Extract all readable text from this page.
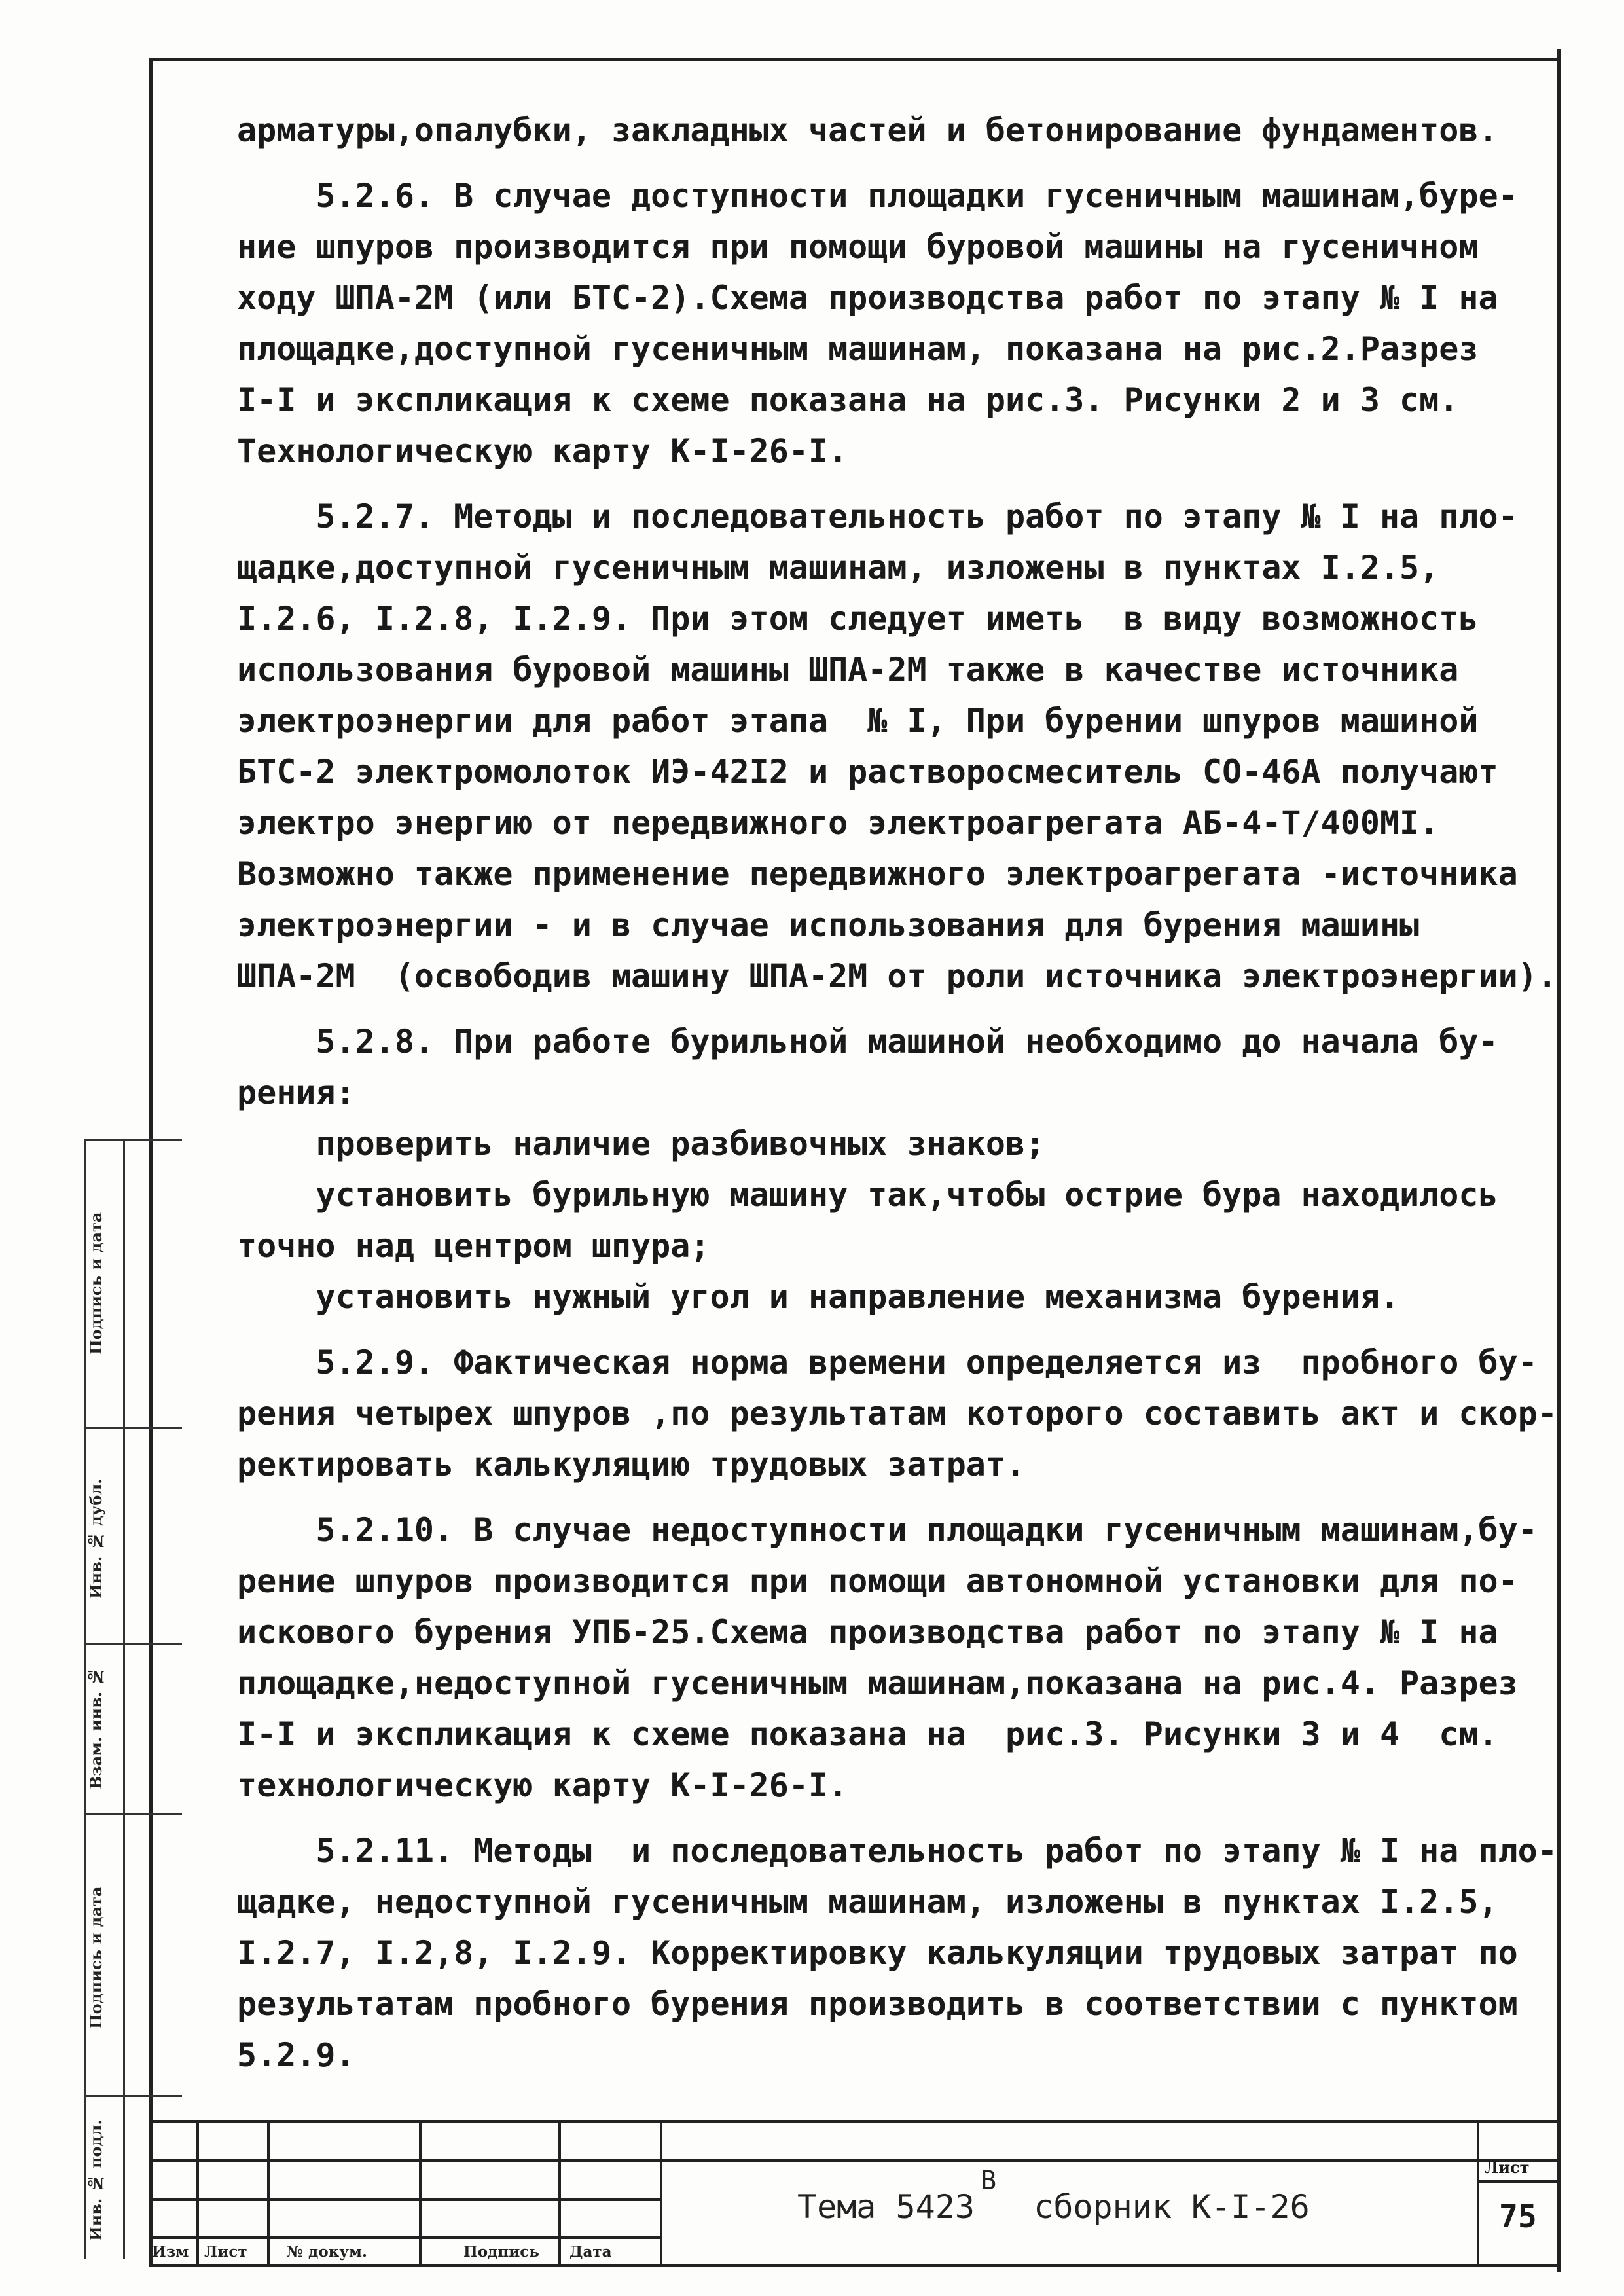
арматуры,опалубки, закладных частей и бетонирование фундаментов.
5.2.6. В случае доступности площадки гусеничным машинам,буре-
ние шпуров производится при помощи буровой машины на гусеничном
ходу ШПА-2М (или БТС-2).Схема производства работ по этапу № I на
площадке,доступной гусеничным машинам, показана на рис.2.Разрез
I-I и экспликация к схеме показана на рис.3. Рисунки 2 и 3 см.
Технологическую карту К-I-26-I.
5.2.7. Методы и последовательность работ по этапу № I на пло-
щадке,доступной гусеничным машинам, изложены в пунктах I.2.5,
I.2.6, I.2.8, I.2.9. При этом следует иметь  в виду возможность
использования буровой машины ШПА-2М также в качестве источника
электроэнергии для работ этапа  № I, При бурении шпуров машиной
БТС-2 электромолоток ИЭ-42I2 и растворосмеситель СО-46А получают
электро энергию от передвижного электроагрегата АБ-4-Т/400МI.
Возможно также применение передвижного электроагрегата -источника
электроэнергии - и в случае использования для бурения машины
ШПА-2М  (освободив машину ШПА-2М от роли источника электроэнергии).
5.2.8. При работе бурильной машиной необходимо до начала бу-
рения:
проверить наличие разбивочных знаков;
установить бурильную машину так,чтобы острие бура находилось
точно над центром шпура;
установить нужный угол и направление механизма бурения.
5.2.9. Фактическая норма времени определяется из  пробного бу-
рения четырех шпуров ,по результатам которого составить акт и скор-
ректировать калькуляцию трудовых затрат.
5.2.10. В случае недоступности площадки гусеничным машинам,бу-
рение шпуров производится при помощи автономной установки для по-
искового бурения УПБ-25.Схема производства работ по этапу № I на
площадке,недоступной гусеничным машинам,показана на рис.4. Разрез
I-I и экспликация к схеме показана на  рис.3. Рисунки 3 и 4  см.
технологическую карту К-I-26-I.
5.2.11. Методы  и последовательность работ по этапу № I на пло-
щадке, недоступной гусеничным машинам, изложены в пунктах I.2.5,
I.2.7, I.2,8, I.2.9. Корректировку калькуляции трудовых затрат по
результатам пробного бурения производить в соответствии с пунктом
5.2.9.
Подпись и дата
Инв. № дубл.
Взам. инв. №
Подпись и дата
Инв. № подл.
Изм Лист	№ докум.	Подпись Дата
Тема 5423   сборник К-I-26
В	Лист
75
